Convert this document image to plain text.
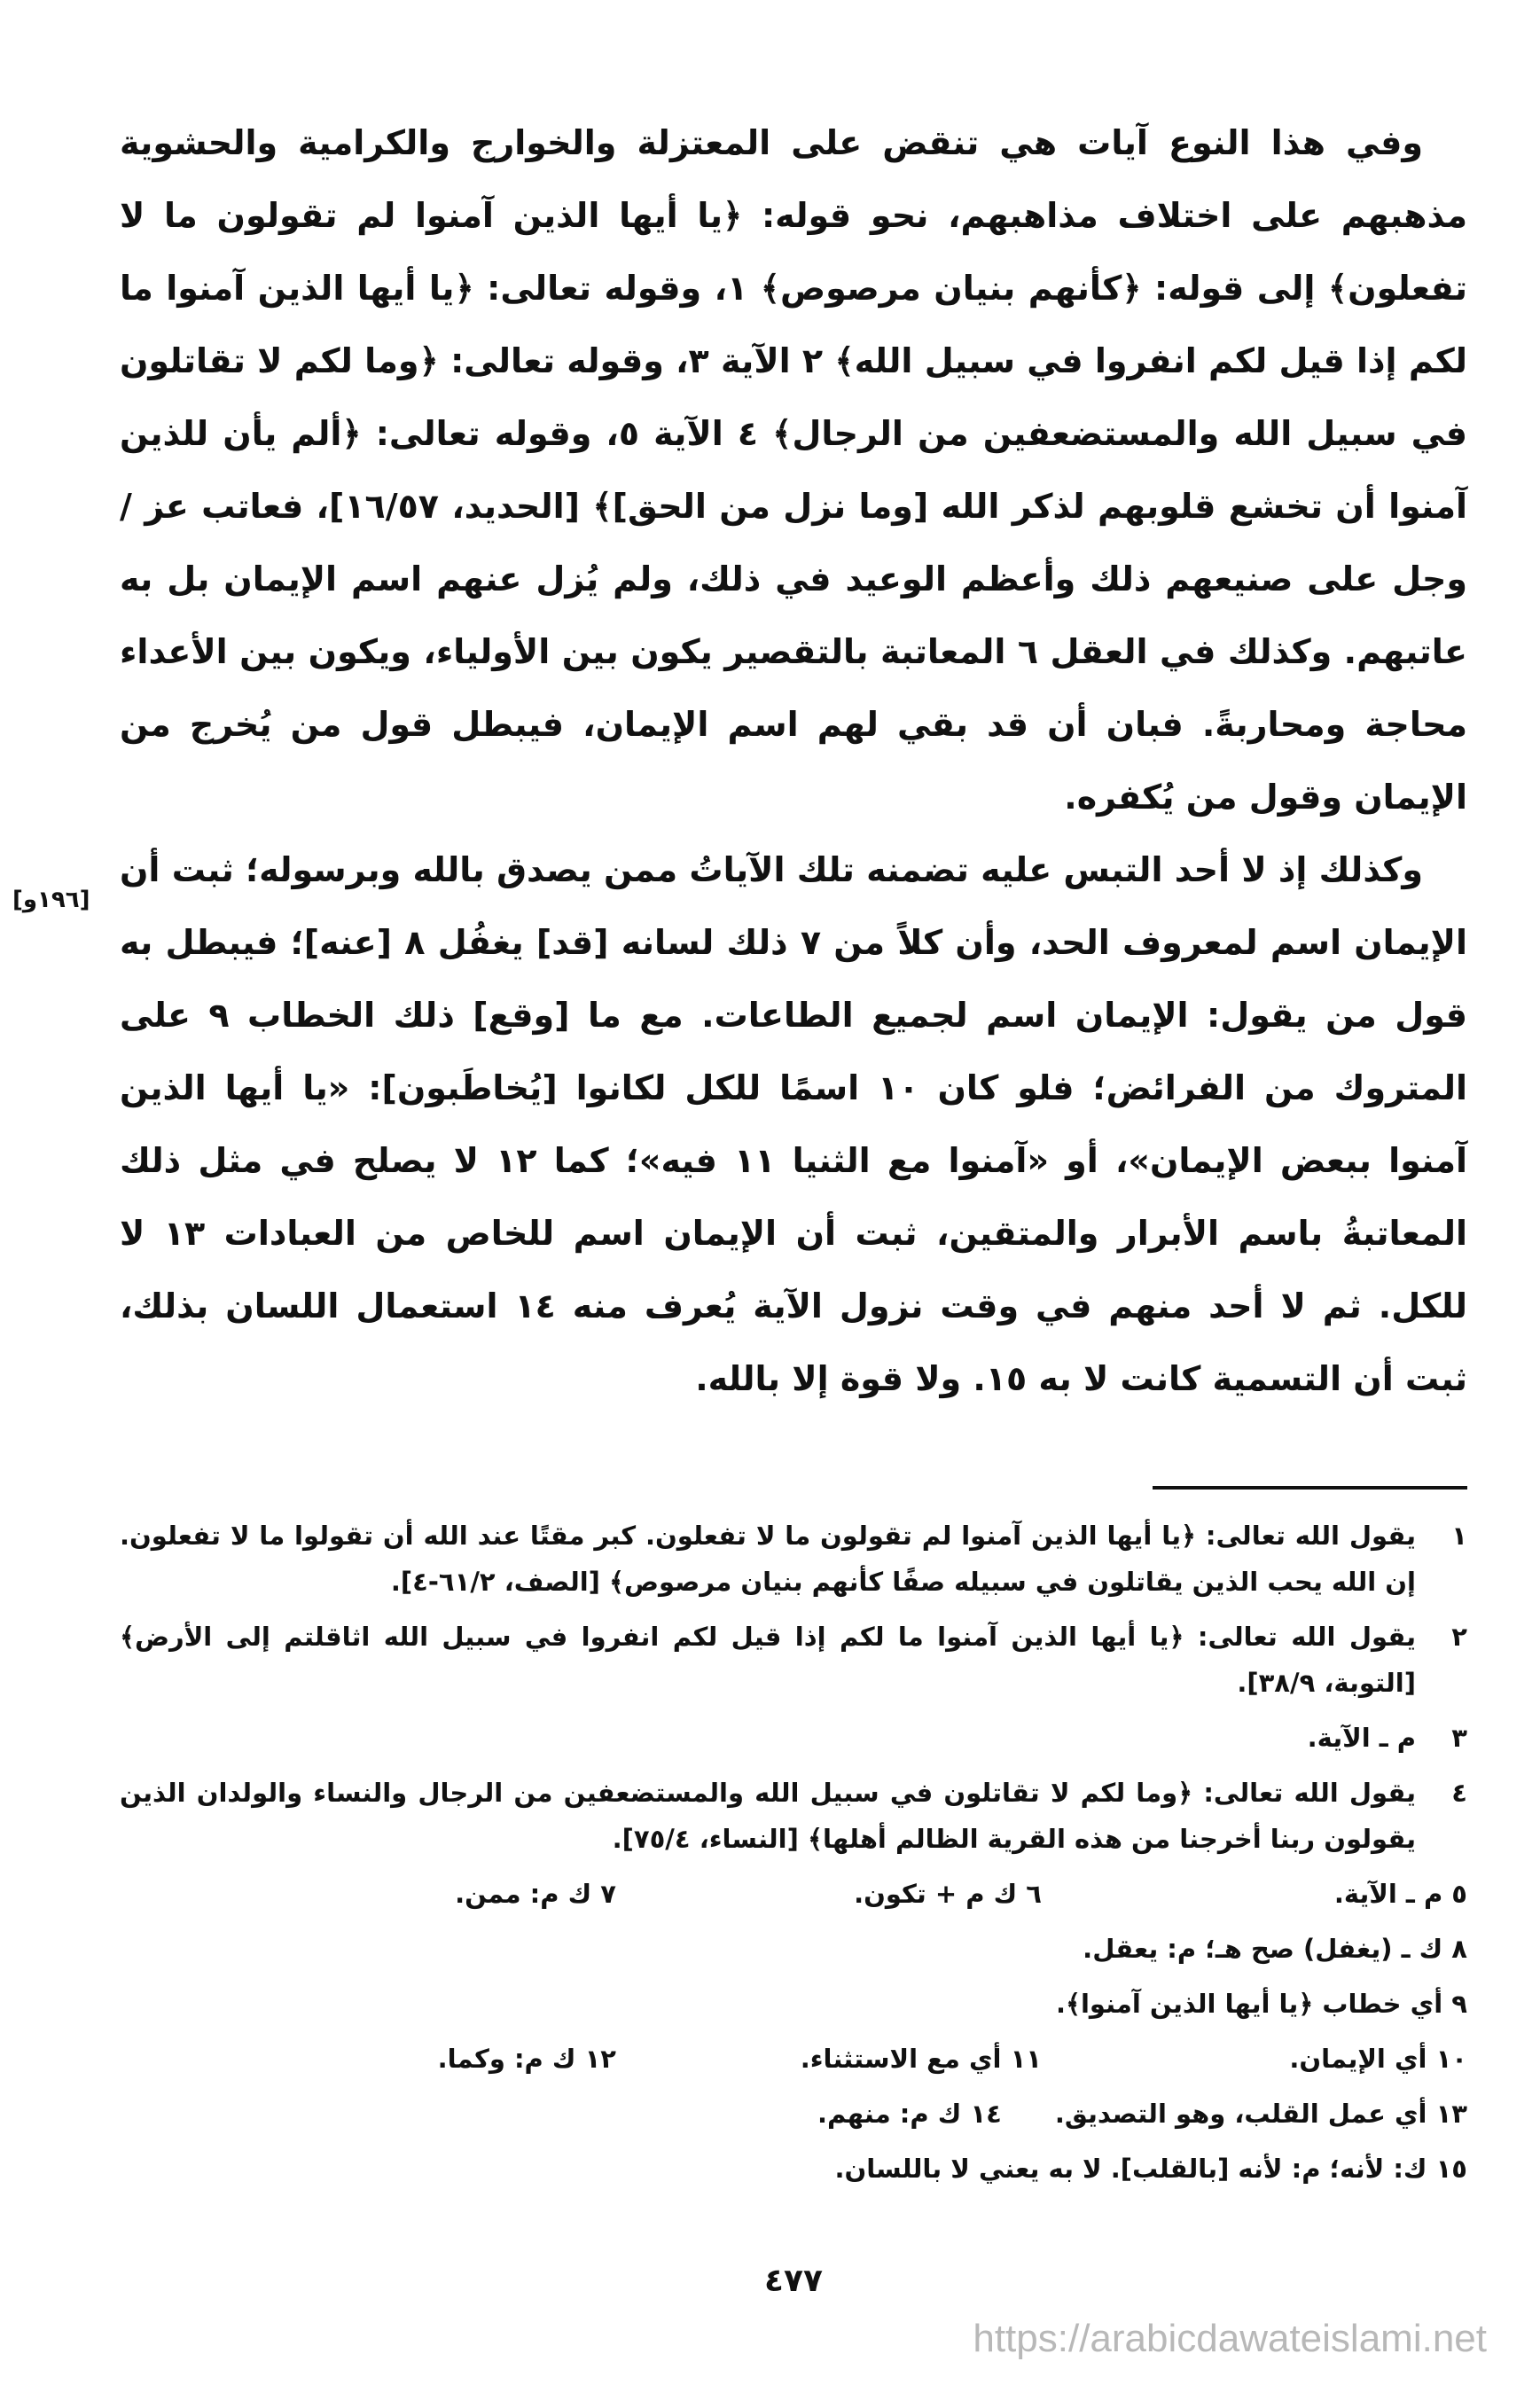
[١٩٦و]

وفي هذا النوع آيات هي تنقض على المعتزلة والخوارج والكرامية والحشوية مذهبهم على اختلاف مذاهبهم، نحو قوله: ﴿يا أيها الذين آمنوا لم تقولون ما لا تفعلون﴾ إلى قوله: ﴿كأنهم بنيان مرصوص﴾ ١، وقوله تعالى: ﴿يا أيها الذين آمنوا ما لكم إذا قيل لكم انفروا في سبيل الله﴾ ٢ الآية ٣، وقوله تعالى: ﴿وما لكم لا تقاتلون في سبيل الله والمستضعفين من الرجال﴾ ٤ الآية ٥، وقوله تعالى: ﴿ألم يأن للذين آمنوا أن تخشع قلوبهم لذكر الله [وما نزل من الحق]﴾ [الحديد، ١٦/٥٧]، فعاتب عز / وجل على صنيعهم ذلك وأعظم الوعيد في ذلك، ولم يُزل عنهم اسم الإيمان بل به عاتبهم. وكذلك في العقل ٦ المعاتبة بالتقصير يكون بين الأولياء، ويكون بين الأعداء محاجة ومحاربةً. فبان أن قد بقي لهم اسم الإيمان، فيبطل قول من يُخرج من الإيمان وقول من يُكفره.

وكذلك إذ لا أحد التبس عليه تضمنه تلك الآياتُ ممن يصدق بالله وبرسوله؛ ثبت أن الإيمان اسم لمعروف الحد، وأن كلاً من ٧ ذلك لسانه [قد] يغفُل ٨ [عنه]؛ فيبطل به قول من يقول: الإيمان اسم لجميع الطاعات. مع ما [وقع] ذلك الخطاب ٩ على المتروك من الفرائض؛ فلو كان ١٠ اسمًا للكل لكانوا [يُخاطَبون]: «يا أيها الذين آمنوا ببعض الإيمان»، أو «آمنوا مع الثنيا ١١ فيه»؛ كما ١٢ لا يصلح في مثل ذلك المعاتبةُ باسم الأبرار والمتقين، ثبت أن الإيمان اسم للخاص من العبادات ١٣ لا للكل. ثم لا أحد منهم في وقت نزول الآية يُعرف منه ١٤ استعمال اللسان بذلك، ثبت أن التسمية كانت لا به ١٥. ولا قوة إلا بالله.

١
يقول الله تعالى: ﴿يا أيها الذين آمنوا لم تقولون ما لا تفعلون. كبر مقتًا عند الله أن تقولوا ما لا تفعلون. إن الله يحب الذين يقاتلون في سبيله صفًا كأنهم بنيان مرصوص﴾ [الصف، ٦١/٢-٤].
٢
يقول الله تعالى: ﴿يا أيها الذين آمنوا ما لكم إذا قيل لكم انفروا في سبيل الله اثاقلتم إلى الأرض﴾ [التوبة، ٣٨/٩].
٣
م ـ الآية.
٤
يقول الله تعالى: ﴿وما لكم لا تقاتلون في سبيل الله والمستضعفين من الرجال والنساء والولدان الذين يقولون ربنا أخرجنا من هذه القرية الظالم أهلها﴾ [النساء، ٧٥/٤].
٥ م ـ الآية.
٦ ك م + تكون.
٧ ك م: ممن.
٨ ك ـ (يغفل) صح هـ؛ م: يعقل.
٩ أي خطاب ﴿يا أيها الذين آمنوا﴾.
١٠ أي الإيمان.
١١ أي مع الاستثناء.
١٢ ك م: وكما.
١٣ أي عمل القلب، وهو التصديق.
١٤ ك م: منهم.
١٥ ك: لأنه؛ م: لأنه [بالقلب]. لا به يعني لا باللسان.
٤٧٧
https://arabicdawateislami.net
